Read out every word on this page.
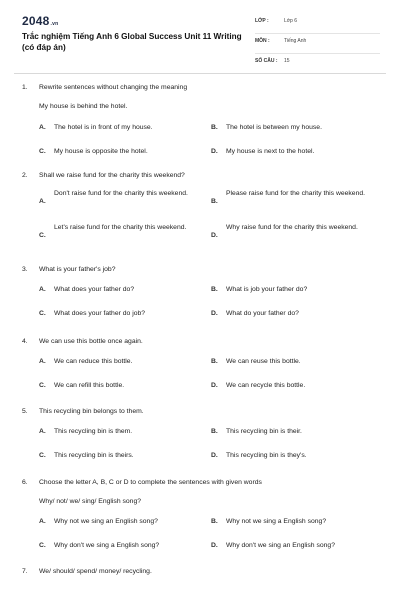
2048.vn
Trắc nghiệm Tiếng Anh 6 Global Success Unit 11 Writing (có đáp án)
LỚP :	Lớp 6
MÔN :	Tiếng Anh
SỐ CÂU : 15
1. Rewrite sentences without changing the meaning
My house is behind the hotel.
A. The hotel is in front of my house.	B. The hotel is between my house.
C. My house is opposite the hotel.	D. My house is next to the hotel.
2. Shall we raise fund for the charity this weekend?
A.
Don't raise fund for the charity this weekend.
B.
Please raise fund for the charity this weekend.
C.
Let's raise fund for the charity this weekend.
D.
Why raise fund for the charity this weekend.
3. What is your father's job?
A. What does your father do?	B. What is job your father do?
C. What does your father do job?	D. What do your father do?
4. We can use this bottle once again.
A. We can reduce this bottle.	B. We can reuse this bottle.
C. We can refill this bottle.	D. We can recycle this bottle.
5. This recycling bin belongs to them.
A. This recycling bin is them.	B. This recycling bin is their.
C. This recycling bin is theirs.	D. This recycling bin is they's.
6. Choose the letter A, B, C or D to complete the sentences with given words
Why/ not/ we/ sing/ English song?
A. Why not we sing an English song?	B. Why not we sing a English song?
C. Why don't we sing a English song?	D. Why don't we sing an English song?
7. We/ should/ spend/ money/ recycling.
